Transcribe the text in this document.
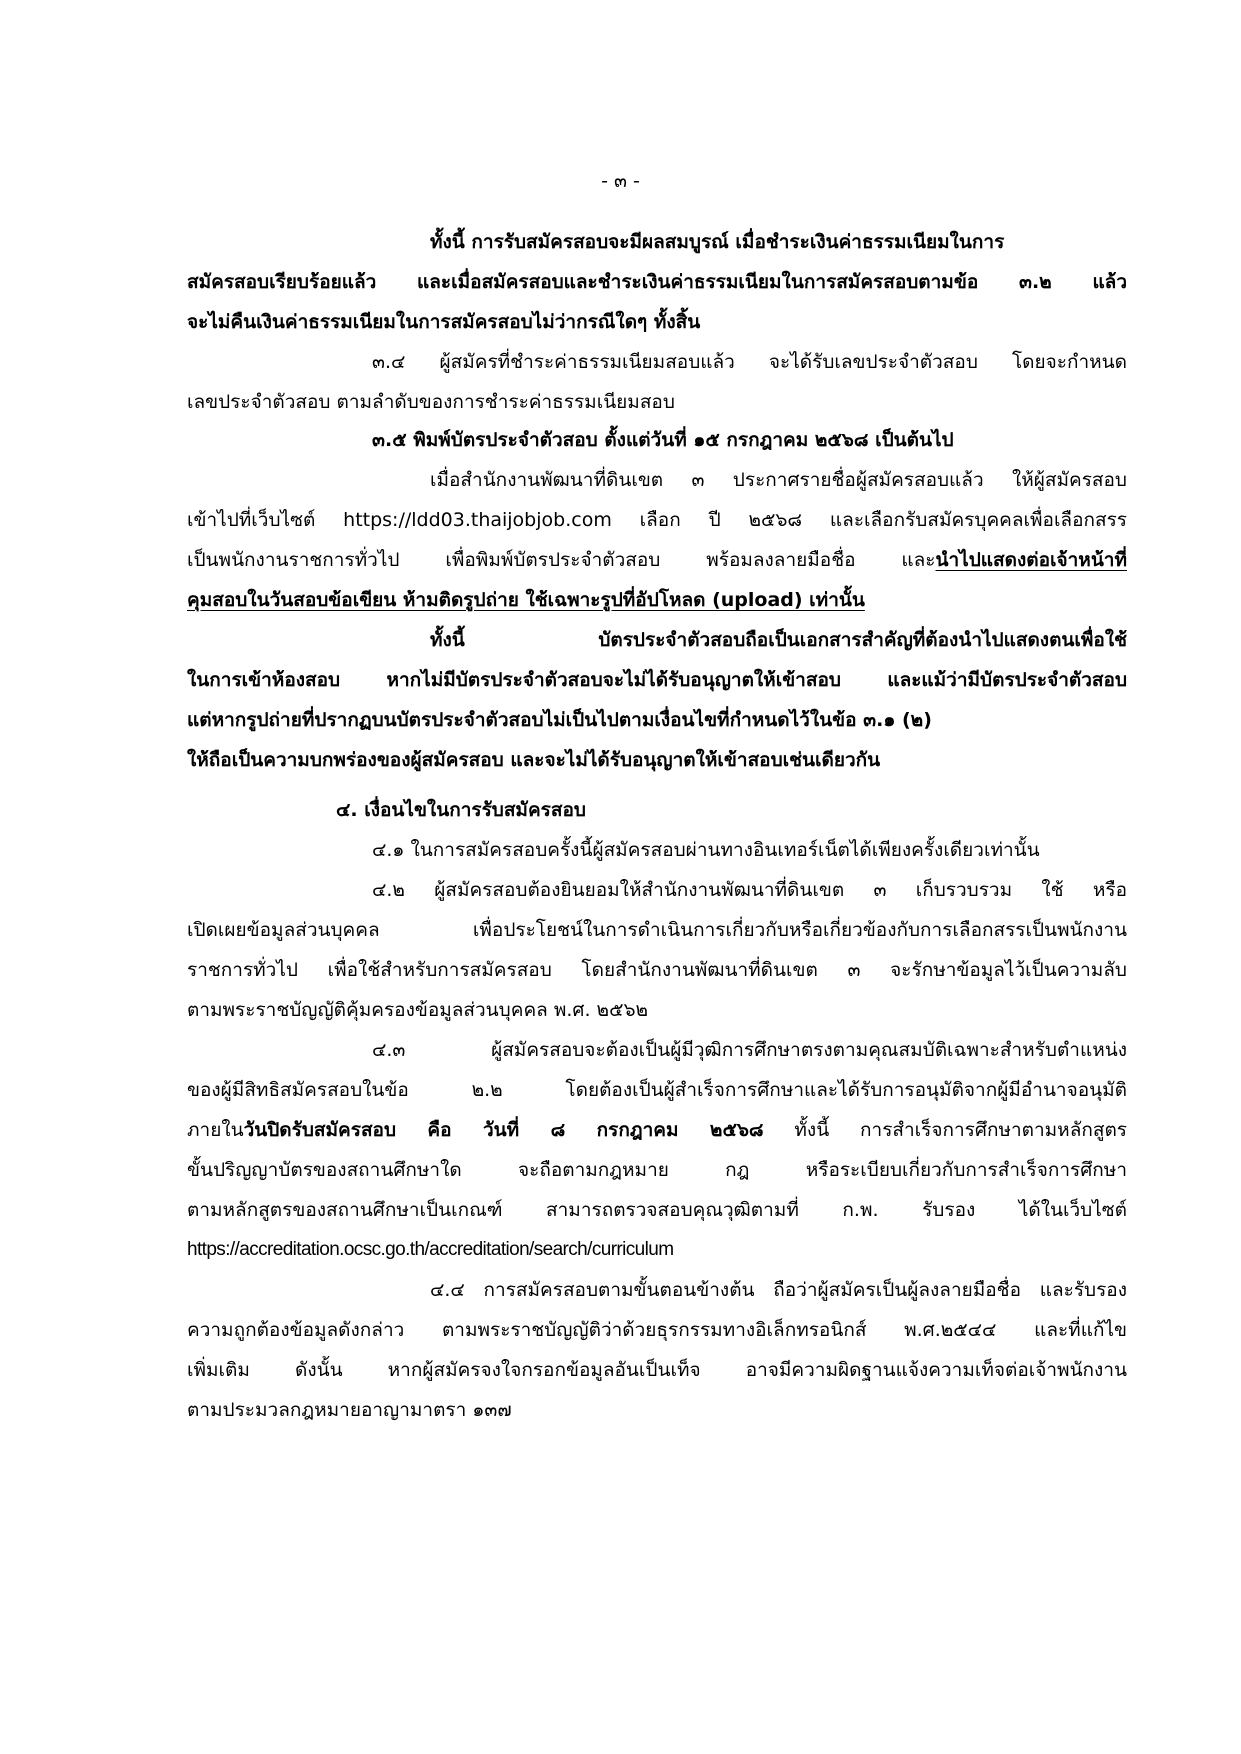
- ๓ -
ทั้งนี้ การรับสมัครสอบจะมีผลสมบูรณ์ เมื่อชำระเงินค่าธรรมเนียมในการ
สมัครสอบเรียบร้อยแล้ว และเมื่อสมัครสอบและชำระเงินค่าธรรมเนียมในการสมัครสอบตามข้อ ๓.๒ แล้ว
จะไม่คืนเงินค่าธรรมเนียมในการสมัครสอบไม่ว่ากรณีใดๆ ทั้งสิ้น
๓.๔ ผู้สมัครที่ชำระค่าธรรมเนียมสอบแล้ว จะได้รับเลขประจำตัวสอบ โดยจะกำหนด
เลขประจำตัวสอบ ตามลำดับของการชำระค่าธรรมเนียมสอบ
๓.๕ พิมพ์บัตรประจำตัวสอบ ตั้งแต่วันที่ ๑๕ กรกฎาคม ๒๕๖๘ เป็นต้นไป
เมื่อสำนักงานพัฒนาที่ดินเขต ๓ ประกาศรายชื่อผู้สมัครสอบแล้ว ให้ผู้สมัครสอบ
เข้าไปที่เว็บไซต์ https://ldd03.thaijobjob.com เลือก ปี ๒๕๖๘ และเลือกรับสมัครบุคคลเพื่อเลือกสรร
เป็นพนักงานราชการทั่วไป เพื่อพิมพ์บัตรประจำตัวสอบ พร้อมลงลายมือชื่อ และนำไปแสดงต่อเจ้าหน้าที่
คุมสอบในวันสอบข้อเขียน ห้ามติดรูปถ่าย ใช้เฉพาะรูปที่อัปโหลด (upload) เท่านั้น
ทั้งนี้ บัตรประจำตัวสอบถือเป็นเอกสารสำคัญที่ต้องนำไปแสดงตนเพื่อใช้
ในการเข้าห้องสอบ หากไม่มีบัตรประจำตัวสอบจะไม่ได้รับอนุญาตให้เข้าสอบ และแม้ว่ามีบัตรประจำตัวสอบ
แต่หากรูปถ่ายที่ปรากฏบนบัตรประจำตัวสอบไม่เป็นไปตามเงื่อนไขที่กำหนดไว้ในข้อ ๓.๑ (๒)
ให้ถือเป็นความบกพร่องของผู้สมัครสอบ และจะไม่ได้รับอนุญาตให้เข้าสอบเช่นเดียวกัน
๔. เงื่อนไขในการรับสมัครสอบ
๔.๑ ในการสมัครสอบครั้งนี้ผู้สมัครสอบผ่านทางอินเทอร์เน็ตได้เพียงครั้งเดียวเท่านั้น
๔.๒ ผู้สมัครสอบต้องยินยอมให้สำนักงานพัฒนาที่ดินเขต ๓ เก็บรวบรวม ใช้ หรือ
เปิดเผยข้อมูลส่วนบุคคล เพื่อประโยชน์ในการดำเนินการเกี่ยวกับหรือเกี่ยวข้องกับการเลือกสรรเป็นพนักงาน
ราชการทั่วไป เพื่อใช้สำหรับการสมัครสอบ โดยสำนักงานพัฒนาที่ดินเขต ๓ จะรักษาข้อมูลไว้เป็นความลับ
ตามพระราชบัญญัติคุ้มครองข้อมูลส่วนบุคคล พ.ศ. ๒๕๖๒
๔.๓ ผู้สมัครสอบจะต้องเป็นผู้มีวุฒิการศึกษาตรงตามคุณสมบัติเฉพาะสำหรับตำแหน่ง
ของผู้มีสิทธิสมัครสอบในข้อ ๒.๒ โดยต้องเป็นผู้สำเร็จการศึกษาและได้รับการอนุมัติจากผู้มีอำนาจอนุมัติ
ภายในวันปิดรับสมัครสอบ คือ วันที่ ๘ กรกฎาคม ๒๕๖๘ ทั้งนี้ การสำเร็จการศึกษาตามหลักสูตร
ขั้นปริญญาบัตรของสถานศึกษาใด จะถือตามกฎหมาย กฎ หรือระเบียบเกี่ยวกับการสำเร็จการศึกษา
ตามหลักสูตรของสถานศึกษาเป็นเกณฑ์ สามารถตรวจสอบคุณวุฒิตามที่ ก.พ. รับรอง ได้ในเว็บไซต์
https://accreditation.ocsc.go.th/accreditation/search/curriculum
๔.๔ การสมัครสอบตามขั้นตอนข้างต้น ถือว่าผู้สมัครเป็นผู้ลงลายมือชื่อ และรับรอง
ความถูกต้องข้อมูลดังกล่าว ตามพระราชบัญญัติว่าด้วยธุรกรรมทางอิเล็กทรอนิกส์ พ.ศ.๒๕๔๔ และที่แก้ไข
เพิ่มเติม ดังนั้น หากผู้สมัครจงใจกรอกข้อมูลอันเป็นเท็จ อาจมีความผิดฐานแจ้งความเท็จต่อเจ้าพนักงาน
ตามประมวลกฎหมายอาญามาตรา ๑๓๗
